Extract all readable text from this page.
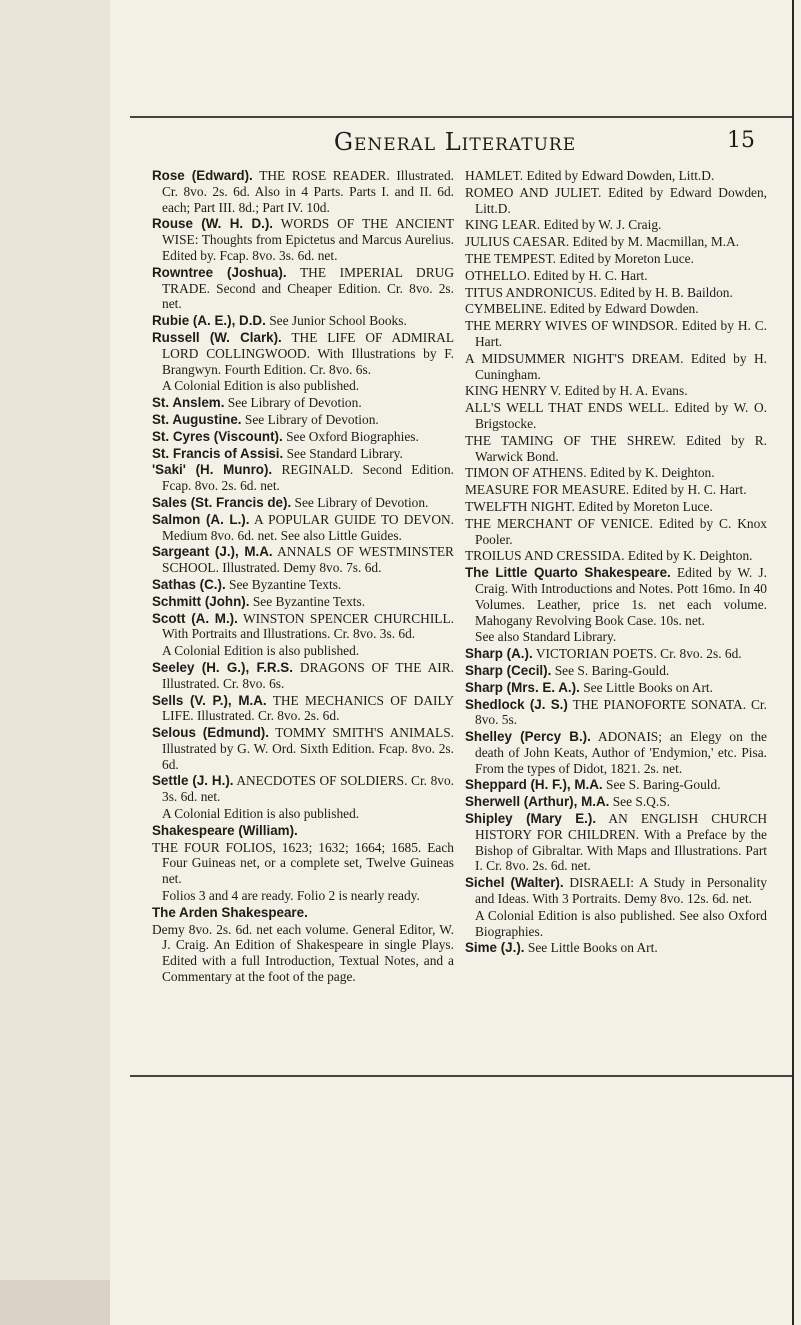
General Literature	15
Rose (Edward). THE ROSE READER. Illustrated. Cr. 8vo. 2s. 6d. Also in 4 Parts. Parts I. and II. 6d. each; Part III. 8d.; Part IV. 10d.
Rouse (W. H. D.). WORDS OF THE ANCIENT WISE: Thoughts from Epictetus and Marcus Aurelius. Edited by. Fcap. 8vo. 3s. 6d. net.
Rowntree (Joshua). THE IMPERIAL DRUG TRADE. Second and Cheaper Edition. Cr. 8vo. 2s. net.
Rubie (A. E.), D.D. See Junior School Books.
Russell (W. Clark). THE LIFE OF ADMIRAL LORD COLLINGWOOD. With Illustrations by F. Brangwyn. Fourth Edition. Cr. 8vo. 6s.
A Colonial Edition is also published.
St. Anslem. See Library of Devotion.
St. Augustine. See Library of Devotion.
St. Cyres (Viscount). See Oxford Biographies.
St. Francis of Assisi. See Standard Library.
'Saki' (H. Munro). REGINALD. Second Edition. Fcap. 8vo. 2s. 6d. net.
Sales (St. Francis de). See Library of Devotion.
Salmon (A. L.). A POPULAR GUIDE TO DEVON. Medium 8vo. 6d. net. See also Little Guides.
Sargeant (J.), M.A. ANNALS OF WESTMINSTER SCHOOL. Illustrated. Demy 8vo. 7s. 6d.
Sathas (C.). See Byzantine Texts.
Schmitt (John). See Byzantine Texts.
Scott (A. M.). WINSTON SPENCER CHURCHILL. With Portraits and Illustrations. Cr. 8vo. 3s. 6d.
A Colonial Edition is also published.
Seeley (H. G.), F.R.S. DRAGONS OF THE AIR. Illustrated. Cr. 8vo. 6s.
Sells (V. P.), M.A. THE MECHANICS OF DAILY LIFE. Illustrated. Cr. 8vo. 2s. 6d.
Selous (Edmund). TOMMY SMITH'S ANIMALS. Illustrated by G. W. Ord. Sixth Edition. Fcap. 8vo. 2s. 6d.
Settle (J. H.). ANECDOTES OF SOLDIERS. Cr. 8vo. 3s. 6d. net.
A Colonial Edition is also published.
Shakespeare (William).
THE FOUR FOLIOS, 1623; 1632; 1664; 1685. Each Four Guineas net, or a complete set, Twelve Guineas net.
Folios 3 and 4 are ready. Folio 2 is nearly ready.
The Arden Shakespeare.
Demy 8vo. 2s. 6d. net each volume. General Editor, W. J. Craig. An Edition of Shakespeare in single Plays. Edited with a full Introduction, Textual Notes, and a Commentary at the foot of the page.
HAMLET. Edited by Edward Dowden, Litt.D.
ROMEO AND JULIET. Edited by Edward Dowden, Litt.D.
KING LEAR. Edited by W. J. Craig.
JULIUS CAESAR. Edited by M. Macmillan, M.A.
THE TEMPEST. Edited by Moreton Luce.
OTHELLO. Edited by H. C. Hart.
TITUS ANDRONICUS. Edited by H. B. Baildon.
CYMBELINE. Edited by Edward Dowden.
THE MERRY WIVES OF WINDSOR. Edited by H. C. Hart.
A MIDSUMMER NIGHT'S DREAM. Edited by H. Cuningham.
KING HENRY V. Edited by H. A. Evans.
ALL'S WELL THAT ENDS WELL. Edited by W. O. Brigstocke.
THE TAMING OF THE SHREW. Edited by R. Warwick Bond.
TIMON OF ATHENS. Edited by K. Deighton.
MEASURE FOR MEASURE. Edited by H. C. Hart.
TWELFTH NIGHT. Edited by Moreton Luce.
THE MERCHANT OF VENICE. Edited by C. Knox Pooler.
TROILUS AND CRESSIDA. Edited by K. Deighton.
The Little Quarto Shakespeare. Edited by W. J. Craig. With Introductions and Notes. Pott 16mo. In 40 Volumes. Leather, price 1s. net each volume. Mahogany Revolving Book Case. 10s. net.
See also Standard Library.
Sharp (A.). VICTORIAN POETS. Cr. 8vo. 2s. 6d.
Sharp (Cecil). See S. Baring-Gould.
Sharp (Mrs. E. A.). See Little Books on Art.
Shedlock (J. S.) THE PIANOFORTE SONATA. Cr. 8vo. 5s.
Shelley (Percy B.). ADONAIS; an Elegy on the death of John Keats, Author of 'Endymion,' etc. Pisa. From the types of Didot, 1821. 2s. net.
Sheppard (H. F.), M.A. See S. Baring-Gould.
Sherwell (Arthur), M.A. See S.Q.S.
Shipley (Mary E.). AN ENGLISH CHURCH HISTORY FOR CHILDREN. With a Preface by the Bishop of Gibraltar. With Maps and Illustrations. Part I. Cr. 8vo. 2s. 6d. net.
Sichel (Walter). DISRAELI: A Study in Personality and Ideas. With 3 Portraits. Demy 8vo. 12s. 6d. net.
A Colonial Edition is also published. See also Oxford Biographies.
Sime (J.). See Little Books on Art.
